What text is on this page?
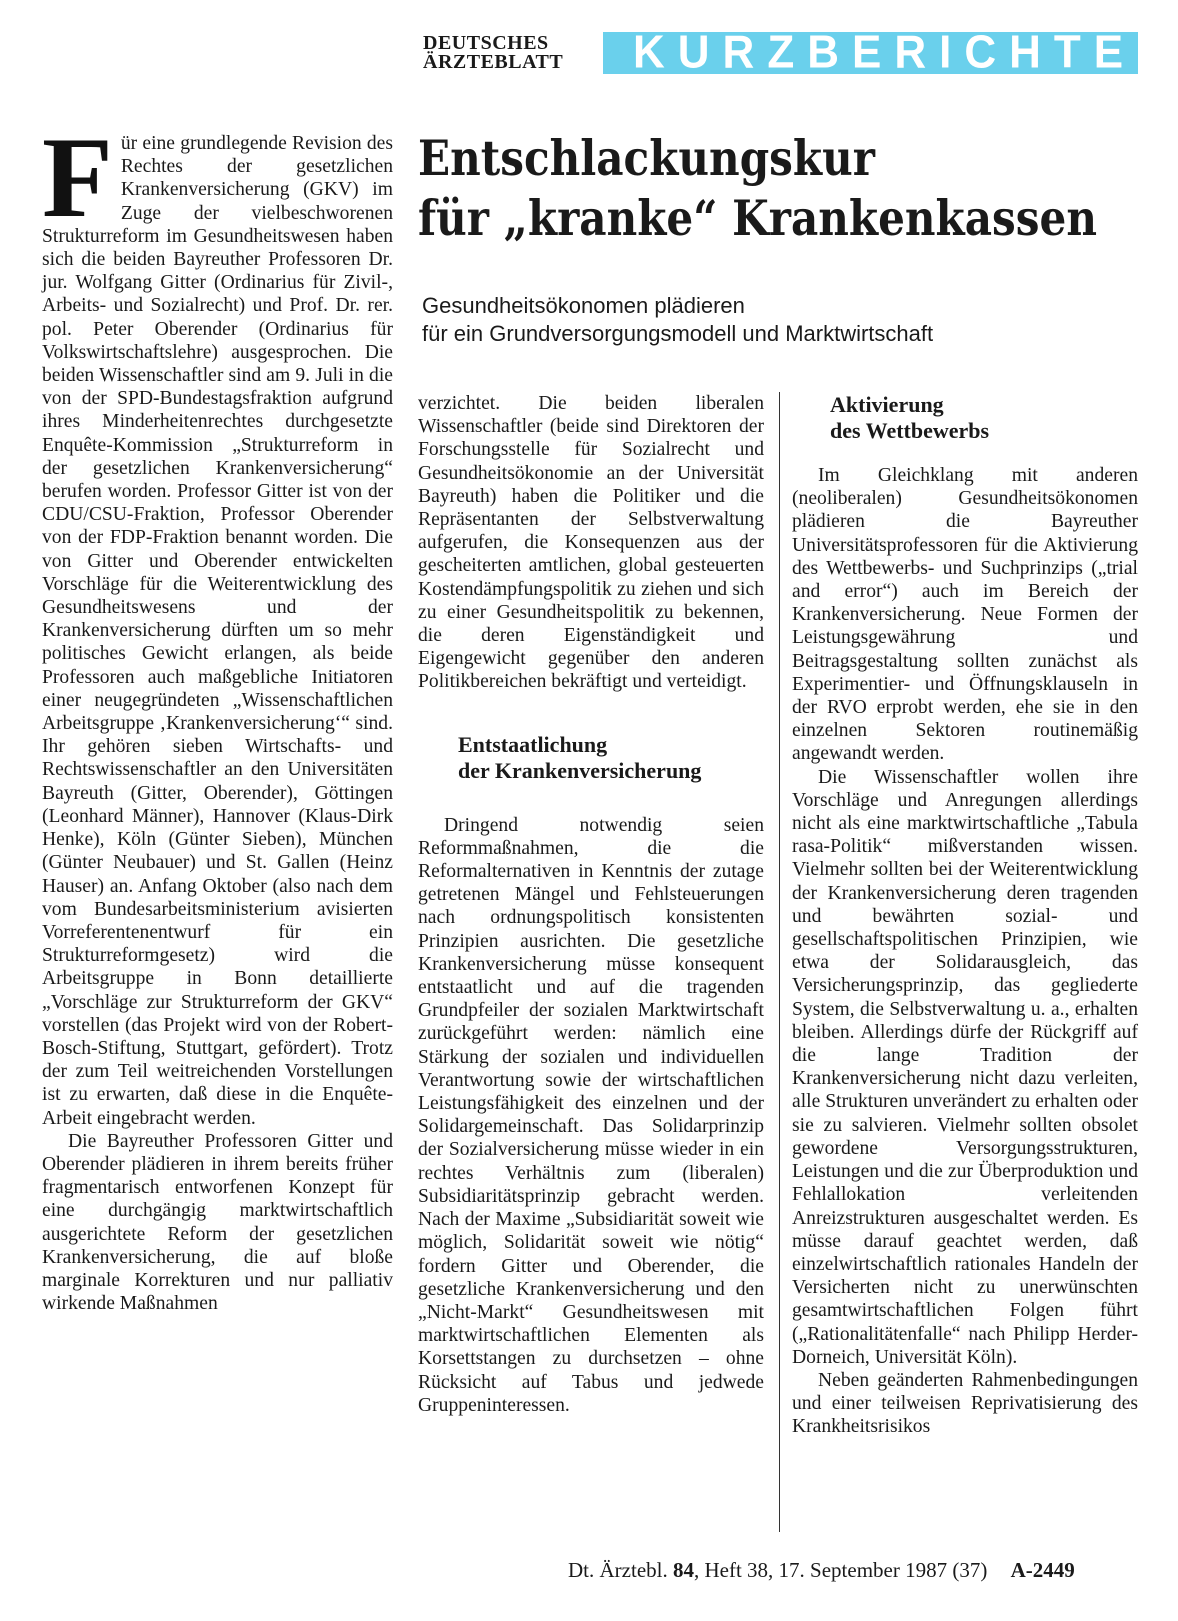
DEUTSCHES
ÄRZTEBLATT	KURZBERICHTE

Für eine grundlegende Revision des Rechtes der gesetzlichen Krankenversicherung (GKV) im Zuge der vielbeschworenen Strukturreform im Gesundheitswesen haben sich die beiden Bayreuther Professoren Dr. jur. Wolfgang Gitter (Ordinarius für Zivil-, Arbeits- und Sozialrecht) und Prof. Dr. rer. pol. Peter Oberender (Ordinarius für Volkswirtschaftslehre) ausgesprochen. Die beiden Wissenschaftler sind am 9. Juli in die von der SPD-Bundestagsfraktion aufgrund ihres Minderheitenrechtes durchgesetzte Enquête-Kommission „Strukturreform in der gesetzlichen Krankenversicherung“ berufen worden. Professor Gitter ist von der CDU/CSU-Fraktion, Professor Oberender von der FDP-Fraktion benannt worden. Die von Gitter und Oberender entwickelten Vorschläge für die Weiterentwicklung des Gesundheitswesens und der Krankenversicherung dürften um so mehr politisches Gewicht erlangen, als beide Professoren auch maßgebliche Initiatoren einer neugegründeten „Wissenschaftlichen Arbeitsgruppe ‚Krankenversicherung‘“ sind. Ihr gehören sieben Wirtschafts- und Rechtswissenschaftler an den Universitäten Bayreuth (Gitter, Oberender), Göttingen (Leonhard Männer), Hannover (Klaus-Dirk Henke), Köln (Günter Sieben), München (Günter Neubauer) und St. Gallen (Heinz Hauser) an. Anfang Oktober (also nach dem vom Bundesarbeitsministerium avisierten Vorreferentenentwurf für ein Strukturreformgesetz) wird die Arbeitsgruppe in Bonn detaillierte „Vorschläge zur Strukturreform der GKV“ vorstellen (das Projekt wird von der Robert-Bosch-Stiftung, Stuttgart, gefördert). Trotz der zum Teil weitreichenden Vorstellungen ist zu erwarten, daß diese in die Enquête-Arbeit eingebracht werden.

Die Bayreuther Professoren Gitter und Oberender plädieren in ihrem bereits früher fragmentarisch entworfenen Konzept für eine durchgängig marktwirtschaftlich ausgerichtete Reform der gesetzlichen Krankenversicherung, die auf bloße marginale Korrekturen und nur palliativ wirkende Maßnahmen

Entschlackungskur
für „kranke“ Krankenkassen
Gesundheitsökonomen plädieren
für ein Grundversorgungsmodell und Marktwirtschaft

verzichtet. Die beiden liberalen Wissenschaftler (beide sind Direktoren der Forschungsstelle für Sozialrecht und Gesundheitsökonomie an der Universität Bayreuth) haben die Politiker und die Repräsentanten der Selbstverwaltung aufgerufen, die Konsequenzen aus der gescheiterten amtlichen, global gesteuerten Kostendämpfungspolitik zu ziehen und sich zu einer Gesundheitspolitik zu bekennen, die deren Eigenständigkeit und Eigengewicht gegenüber den anderen Politikbereichen bekräftigt und verteidigt.

Entstaatlichung
der Krankenversicherung

Dringend notwendig seien Reformmaßnahmen, die die Reformalternativen in Kenntnis der zutage getretenen Mängel und Fehlsteuerungen nach ordnungspolitisch konsistenten Prinzipien ausrichten. Die gesetzliche Krankenversicherung müsse konsequent entstaatlicht und auf die tragenden Grundpfeiler der sozialen Marktwirtschaft zurückgeführt werden: nämlich eine Stärkung der sozialen und individuellen Verantwortung sowie der wirtschaftlichen Leistungsfähigkeit des einzelnen und der Solidargemeinschaft. Das Solidarprinzip der Sozialversicherung müsse wieder in ein rechtes Verhältnis zum (liberalen) Subsidiaritätsprinzip gebracht werden. Nach der Maxime „Subsidiarität soweit wie möglich, Solidarität soweit wie nötig“ fordern Gitter und Oberender, die gesetzliche Krankenversicherung und den „Nicht-Markt“ Gesundheitswesen mit marktwirtschaftlichen Elementen als Korsettstangen zu durchsetzen – ohne Rücksicht auf Tabus und jedwede Gruppeninteressen.

Aktivierung
des Wettbewerbs

Im Gleichklang mit anderen (neoliberalen) Gesundheitsökonomen plädieren die Bayreuther Universitätsprofessoren für die Aktivierung des Wettbewerbs- und Suchprinzips („trial and error“) auch im Bereich der Krankenversicherung. Neue Formen der Leistungsgewährung und Beitragsgestaltung sollten zunächst als Experimentier- und Öffnungsklauseln in der RVO erprobt werden, ehe sie in den einzelnen Sektoren routinemäßig angewandt werden.

Die Wissenschaftler wollen ihre Vorschläge und Anregungen allerdings nicht als eine marktwirtschaftliche „Tabula rasa-Politik“ mißverstanden wissen. Vielmehr sollten bei der Weiterentwicklung der Krankenversicherung deren tragenden und bewährten sozial- und gesellschaftspolitischen Prinzipien, wie etwa der Solidarausgleich, das Versicherungsprinzip, das gegliederte System, die Selbstverwaltung u. a., erhalten bleiben. Allerdings dürfe der Rückgriff auf die lange Tradition der Krankenversicherung nicht dazu verleiten, alle Strukturen unverändert zu erhalten oder sie zu salvieren. Vielmehr sollten obsolet gewordene Versorgungsstrukturen, Leistungen und die zur Überproduktion und Fehlallokation verleitenden Anreizstrukturen ausgeschaltet werden. Es müsse darauf geachtet werden, daß einzelwirtschaftlich rationales Handeln der Versicherten nicht zu unerwünschten gesamtwirtschaftlichen Folgen führt („Rationalitätenfalle“ nach Philipp Herder-Dorneich, Universität Köln).

Neben geänderten Rahmenbedingungen und einer teilweisen Reprivatisierung des Krankheitsrisikos

Dt. Ärztebl. 84, Heft 38, 17. September 1987 (37) A-2449
